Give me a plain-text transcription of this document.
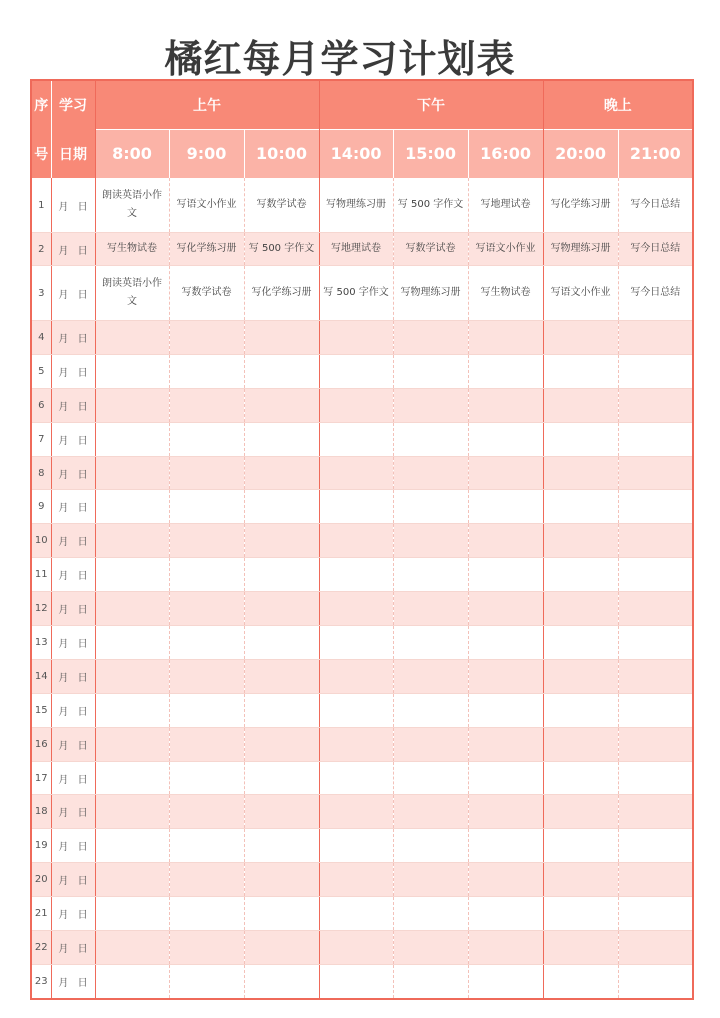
橘红每月学习计划表
序	学习	上午			下午			晚上	
号	日期	8:00	9:00	10:00	14:00	15:00	16:00	20:00	21:00
1	月 日	朗读英语小作文	写语文小作业	写数学试卷	写物理练习册	写 500 字作文	写地理试卷	写化学练习册	写今日总结

2	月 日	写生物试卷	写化学练习册	写 500 字作文	写地理试卷	写数学试卷	写语文小作业	写物理练习册	写今日总结

3	月 日	朗读英语小作文	写数学试卷	写化学练习册	写 500 字作文	写物理练习册	写生物试卷	写语文小作业	写今日总结

4	月 日	

5	月 日	

6	月 日	

7	月 日	

8	月 日	

9	月 日	

10	月 日	

11	月 日	

12	月 日	

13	月 日	

14	月 日	

15	月 日	

16	月 日	

17	月 日	

18	月 日	

19	月 日	

20	月 日	

21	月 日	

22	月 日	

23	月 日	
